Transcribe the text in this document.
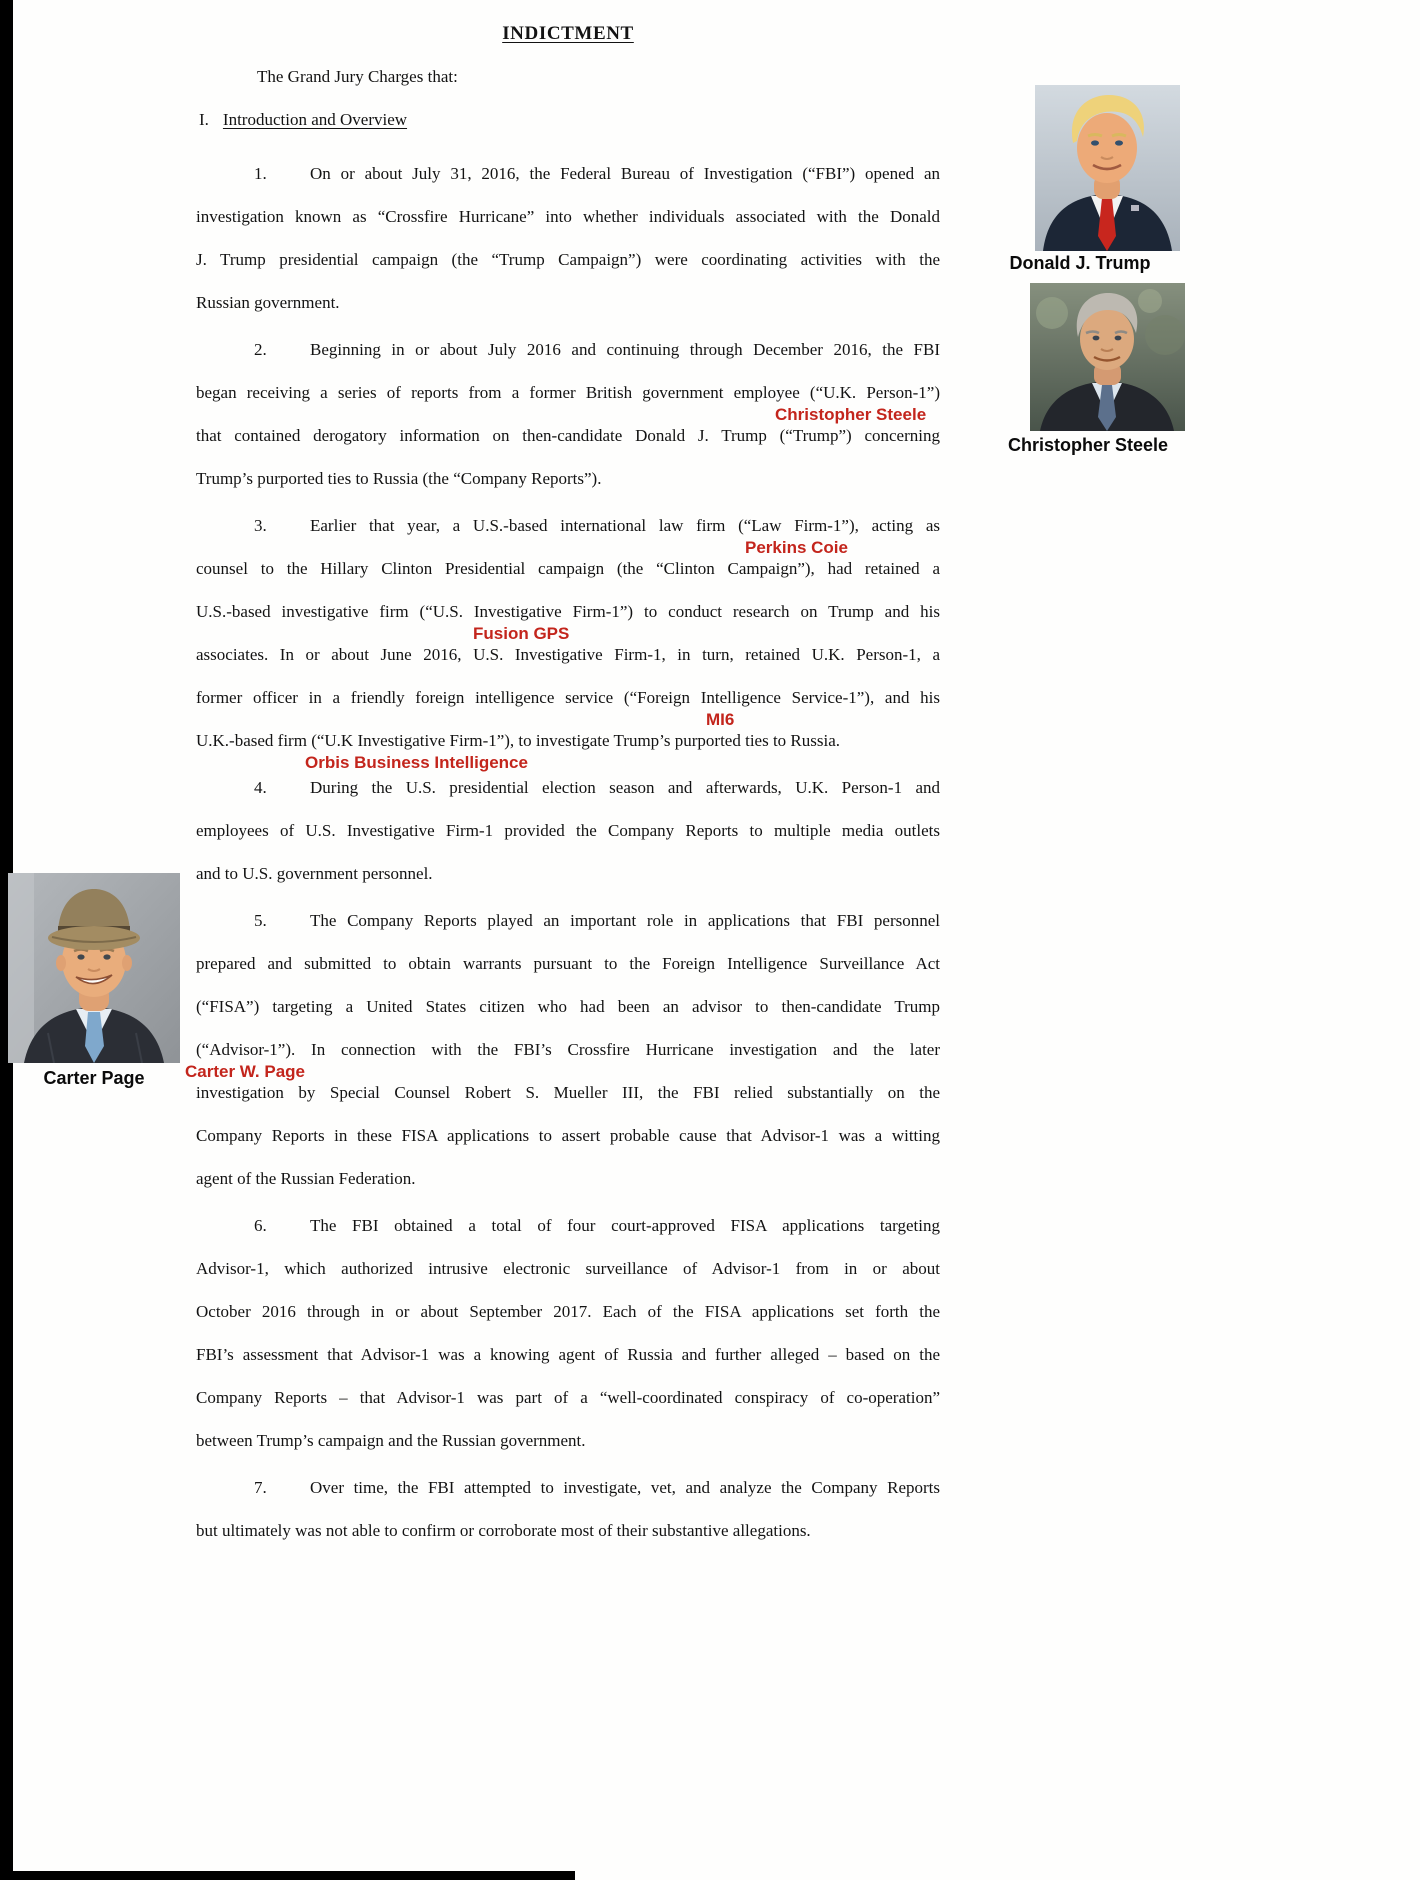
INDICTMENT
The Grand Jury Charges that:
I. Introduction and Overview
1.	On or about July 31, 2016, the Federal Bureau of Investigation (“FBI”) opened an
investigation known as “Crossfire Hurricane” into whether individuals associated with the Donald
J. Trump presidential campaign (the “Trump Campaign”) were coordinating activities with the
Russian government.
2.	Beginning in or about July 2016 and continuing through December 2016, the FBI
began receiving a series of reports from a former British government employee (“U.K. Person-1”)
Christopher Steele
that contained derogatory information on then-candidate Donald J. Trump (“Trump”) concerning
Trump’s purported ties to Russia (the “Company Reports”).
3.	Earlier that year, a U.S.-based international law firm (“Law Firm-1”), acting as
Perkins Coie
counsel to the Hillary Clinton Presidential campaign (the “Clinton Campaign”), had retained a
U.S.-based investigative firm (“U.S. Investigative Firm-1”) to conduct research on Trump and his
Fusion GPS
associates. In or about June 2016, U.S. Investigative Firm-1, in turn, retained U.K. Person-1, a
former officer in a friendly foreign intelligence service (“Foreign Intelligence Service-1”), and his
MI6
U.K.-based firm (“U.K Investigative Firm-1”), to investigate Trump’s purported ties to Russia.
Orbis Business Intelligence
4.	During the U.S. presidential election season and afterwards, U.K. Person-1 and
employees of U.S. Investigative Firm-1 provided the Company Reports to multiple media outlets
and to U.S. government personnel.
5.	The Company Reports played an important role in applications that FBI personnel
prepared and submitted to obtain warrants pursuant to the Foreign Intelligence Surveillance Act
(“FISA”) targeting a United States citizen who had been an advisor to then-candidate Trump
(“Advisor-1”). In connection with the FBI’s Crossfire Hurricane investigation and the later
Carter W. Page
investigation by Special Counsel Robert S. Mueller III, the FBI relied substantially on the
Company Reports in these FISA applications to assert probable cause that Advisor-1 was a witting
agent of the Russian Federation.
6.	The FBI obtained a total of four court-approved FISA applications targeting
Advisor-1, which authorized intrusive electronic surveillance of Advisor-1 from in or about
October 2016 through in or about September 2017. Each of the FISA applications set forth the
FBI’s assessment that Advisor-1 was a knowing agent of Russia and further alleged – based on the
Company Reports – that Advisor-1 was part of a “well-coordinated conspiracy of co-operation”
between Trump’s campaign and the Russian government.
7.	Over time, the FBI attempted to investigate, vet, and analyze the Company Reports
but ultimately was not able to confirm or corroborate most of their substantive allegations.
Donald J. Trump
Christopher Steele
Carter Page
